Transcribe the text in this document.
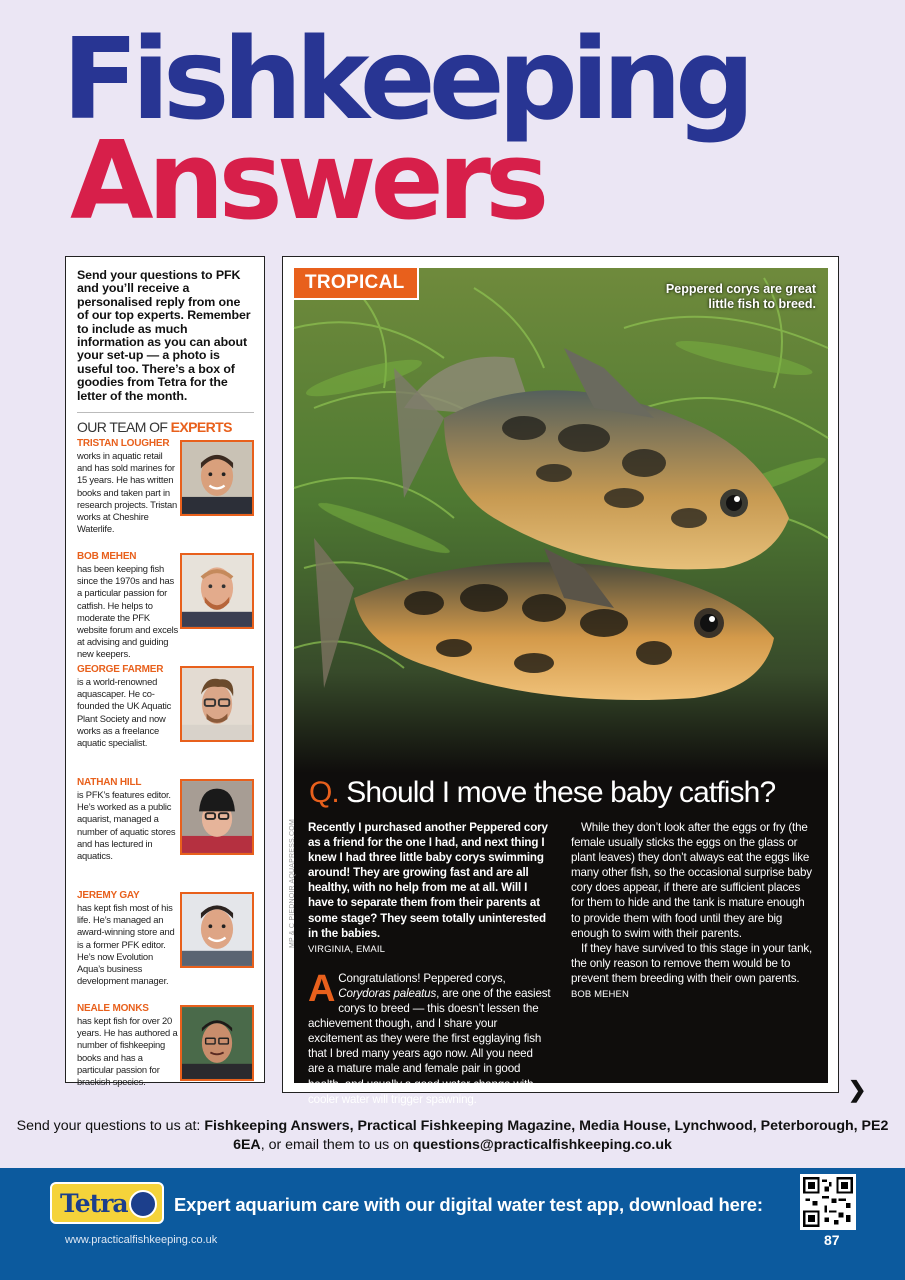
Fishkeeping
Answers

Send your questions to PFK and you’ll receive a personalised reply from one of our top experts. Remember to include as much information as you can about your set-up — a photo is useful too. There’s a box of goodies from Tetra for the letter of the month.

OUR TEAM OF EXPERTS
TRISTAN LOUGHER
works in aquatic retail and has sold marines for 15 years. He has written books and taken part in research projects. Tristan works at Cheshire Waterlife.
BOB MEHEN
has been keeping fish since the 1970s and has a particular passion for catfish. He helps to moderate the PFK website forum and excels at advising and guiding new keepers.
GEORGE FARMER
is a world-renowned aquascaper. He co-founded the UK Aquatic Plant Society and now works as a freelance aquatic specialist.
NATHAN HILL
is PFK’s features editor. He’s worked as a public aquarist, managed a number of aquatic stores and has lectured in aquatics.
JEREMY GAY
has kept fish most of his life. He’s managed an award-winning store and is a former PFK editor. He’s now Evolution Aqua’s business development manager.
NEALE MONKS
has kept fish for over 20 years. He has authored a number of fishkeeping books and has a particular passion for brackish species.
TROPICAL	Peppered corys are great little fish to breed.
MP & C PIEDNOIR AQUAPRESS.COM
Q. Should I move these baby catfish?

Recently I purchased another Peppered cory as a friend for the one I had, and next thing I knew I had three little baby corys swimming around! They are growing fast and are all healthy, with no help from me at all. Will I have to separate them from their parents at some stage? They seem totally uninterested in the babies.

VIRGINIA, EMAIL

A Congratulations! Peppered corys, Corydoras paleatus, are one of the easiest corys to breed — this doesn’t lessen the achievement though, and I share your excitement as they were the first egglaying fish that I bred many years ago now. All you need are a mature male and female pair in good health, and usually a good water change with cooler water will trigger spawning.

While they don’t look after the eggs or fry (the female usually sticks the eggs on the glass or plant leaves) they don’t always eat the eggs like many other fish, so the occasional surprise baby cory does appear, if there are sufficient places for them to hide and the tank is mature enough to provide them with food until they are big enough to swim with their parents.

If they have survived to this stage in your tank, the only reason to remove them would be to prevent them breeding with their own parents.

BOB MEHEN
❯
Send your questions to us at: Fishkeeping Answers, Practical Fishkeeping Magazine, Media House, Lynchwood, Peterborough, PE2 6EA, or email them to us on questions@practicalfishkeeping.co.uk
Tetra	Expert aquarium care with our digital water test app, download here:
www.practicalfishkeeping.co.uk	87
